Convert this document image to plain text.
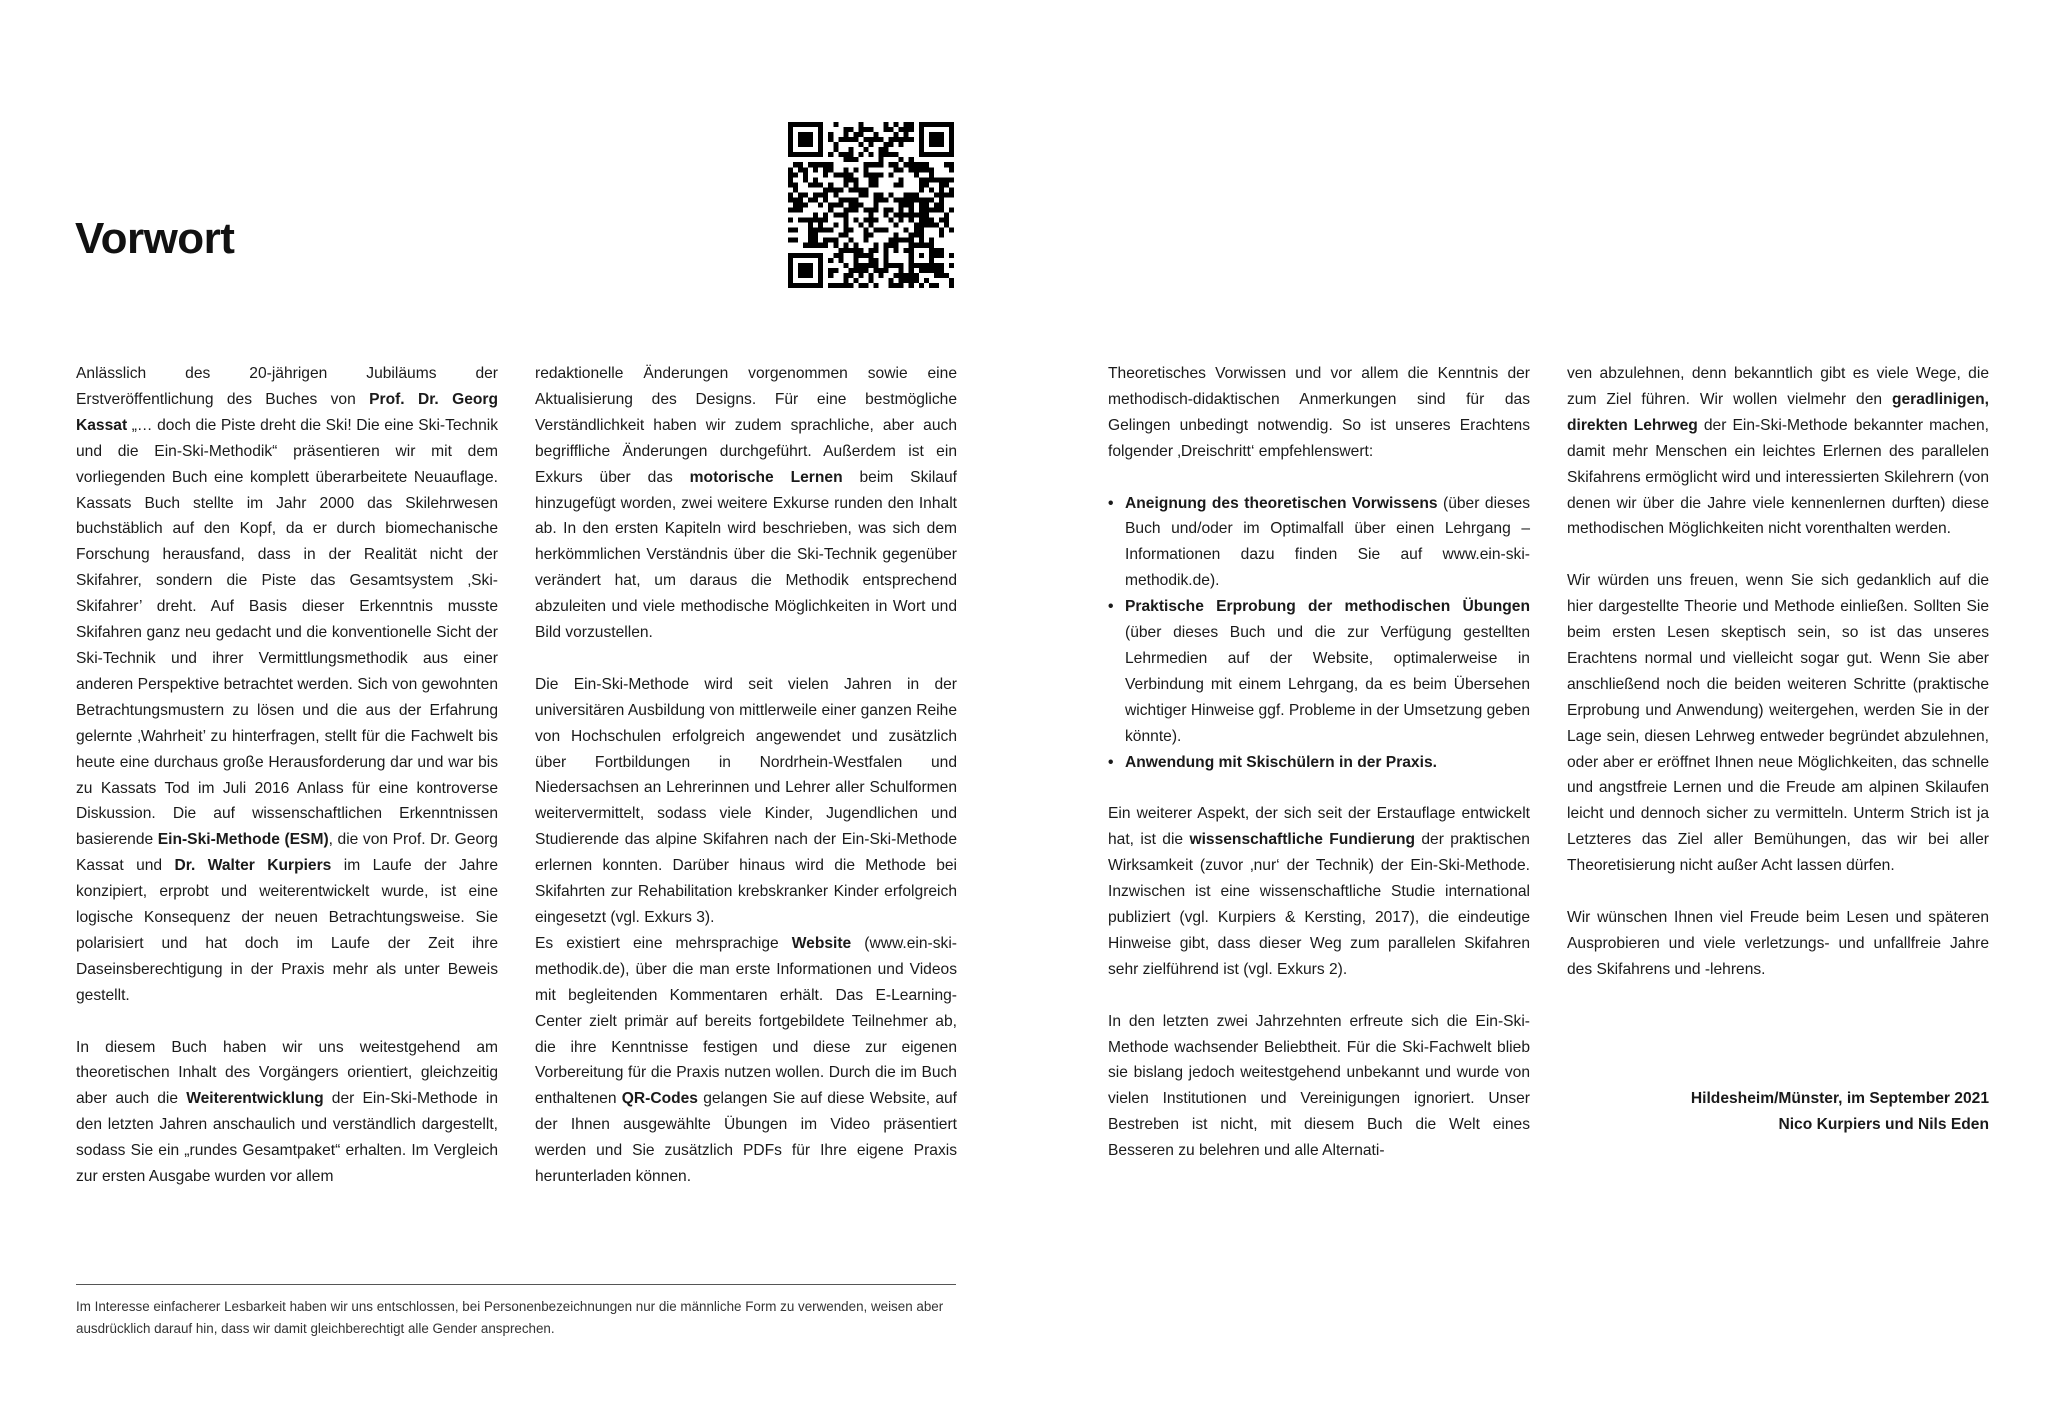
Vorwort

Anlässlich des 20-jährigen Jubiläums der Erstveröffentlichung des Buches von Prof. Dr. Georg Kassat „… doch die Piste dreht die Ski! Die eine Ski-Technik und die Ein-Ski-Methodik“ präsentieren wir mit dem vorliegenden Buch eine komplett überarbeitete Neuauflage. Kassats Buch stellte im Jahr 2000 das Skilehrwesen buchstäblich auf den Kopf, da er durch biomechanische Forschung herausfand, dass in der Realität nicht der Skifahrer, sondern die Piste das Gesamtsystem ‚Ski-Skifahrer’ dreht. Auf Basis dieser Erkenntnis musste Skifahren ganz neu gedacht und die konventionelle Sicht der Ski-Technik und ihrer Vermittlungsmethodik aus einer anderen Perspektive betrachtet werden. Sich von gewohnten Betrachtungsmustern zu lösen und die aus der Erfahrung gelernte ‚Wahrheit’ zu hinterfragen, stellt für die Fachwelt bis heute eine durchaus große Herausforderung dar und war bis zu Kassats Tod im Juli 2016 Anlass für eine kontroverse Diskussion. Die auf wissenschaftlichen Erkenntnissen basierende Ein-Ski-Methode (ESM), die von Prof. Dr. Georg Kassat und Dr. Walter Kurpiers im Laufe der Jahre konzipiert, erprobt und weiterentwickelt wurde, ist eine logische Konsequenz der neuen Betrachtungsweise. Sie polarisiert und hat doch im Laufe der Zeit ihre Daseinsberechtigung in der Praxis mehr als unter Beweis gestellt.

In diesem Buch haben wir uns weitestgehend am theoretischen Inhalt des Vorgängers orientiert, gleichzeitig aber auch die Weiterentwicklung der Ein-Ski-Methode in den letzten Jahren anschaulich und verständlich dargestellt, sodass Sie ein „rundes Gesamtpaket“ erhalten. Im Vergleich zur ersten Ausgabe wurden vor allem

redaktionelle Änderungen vorgenommen sowie eine Aktualisierung des Designs. Für eine bestmögliche Verständlichkeit haben wir zudem sprachliche, aber auch begriffliche Änderungen durchgeführt. Außerdem ist ein Exkurs über das motorische Lernen beim Skilauf hinzugefügt worden, zwei weitere Exkurse runden den Inhalt ab. In den ersten Kapiteln wird beschrieben, was sich dem herkömmlichen Verständnis über die Ski-Technik gegenüber verändert hat, um daraus die Methodik entsprechend abzuleiten und viele methodische Möglichkeiten in Wort und Bild vorzustellen.

Die Ein-Ski-Methode wird seit vielen Jahren in der universitären Ausbildung von mittlerweile einer ganzen Reihe von Hochschulen erfolgreich angewendet und zusätzlich über Fortbildungen in Nordrhein-Westfalen und Niedersachsen an Lehrerinnen und Lehrer aller Schulformen weitervermittelt, sodass viele Kinder, Jugendlichen und Studierende das alpine Skifahren nach der Ein-Ski-Methode erlernen konnten. Darüber hinaus wird die Methode bei Skifahrten zur Rehabilitation krebskranker Kinder erfolgreich eingesetzt (vgl. Exkurs 3).

Es existiert eine mehrsprachige Website (www.ein-ski-methodik.de), über die man erste Informationen und Videos mit begleitenden Kommentaren erhält. Das E-Learning-Center zielt primär auf bereits fortgebildete Teilnehmer ab, die ihre Kenntnisse festigen und diese zur eigenen Vorbereitung für die Praxis nutzen wollen. Durch die im Buch enthaltenen QR-Codes gelangen Sie auf diese Website, auf der Ihnen ausgewählte Übungen im Video präsentiert werden und Sie zusätzlich PDFs für Ihre eigene Praxis herunterladen können.

Theoretisches Vorwissen und vor allem die Kenntnis der methodisch-didaktischen Anmerkungen sind für das Gelingen unbedingt notwendig. So ist unseres Erachtens folgender ‚Dreischritt‘ empfehlenswert:

• Aneignung des theoretischen Vorwissens (über dieses Buch und/oder im Optimalfall über einen Lehrgang – Informationen dazu finden Sie auf www.ein-ski-methodik.de).
• Praktische Erprobung der methodischen Übungen (über dieses Buch und die zur Verfügung gestellten Lehrmedien auf der Website, optimalerweise in Verbindung mit einem Lehrgang, da es beim Übersehen wichtiger Hinweise ggf. Probleme in der Umsetzung geben könnte).
• Anwendung mit Skischülern in der Praxis.

Ein weiterer Aspekt, der sich seit der Erstauflage entwickelt hat, ist die wissenschaftliche Fundierung der praktischen Wirksamkeit (zuvor ‚nur‘ der Technik) der Ein-Ski-Methode. Inzwischen ist eine wissenschaftliche Studie international publiziert (vgl. Kurpiers & Kersting, 2017), die eindeutige Hinweise gibt, dass dieser Weg zum parallelen Skifahren sehr zielführend ist (vgl. Exkurs 2).

In den letzten zwei Jahrzehnten erfreute sich die Ein-Ski-Methode wachsender Beliebtheit. Für die Ski-Fachwelt blieb sie bislang jedoch weitestgehend unbekannt und wurde von vielen Institutionen und Vereinigungen ignoriert. Unser Bestreben ist nicht, mit diesem Buch die Welt eines Besseren zu belehren und alle Alternati-

ven abzulehnen, denn bekanntlich gibt es viele Wege, die zum Ziel führen. Wir wollen vielmehr den geradlinigen, direkten Lehrweg der Ein-Ski-Methode bekannter machen, damit mehr Menschen ein leichtes Erlernen des parallelen Skifahrens ermöglicht wird und interessierten Skilehrern (von denen wir über die Jahre viele kennenlernen durften) diese methodischen Möglichkeiten nicht vorenthalten werden.

Wir würden uns freuen, wenn Sie sich gedanklich auf die hier dargestellte Theorie und Methode einließen. Sollten Sie beim ersten Lesen skeptisch sein, so ist das unseres Erachtens normal und vielleicht sogar gut. Wenn Sie aber anschließend noch die beiden weiteren Schritte (praktische Erprobung und Anwendung) weitergehen, werden Sie in der Lage sein, diesen Lehrweg entweder begründet abzulehnen, oder aber er eröffnet Ihnen neue Möglichkeiten, das schnelle und angstfreie Lernen und die Freude am alpinen Skilaufen leicht und dennoch sicher zu vermitteln. Unterm Strich ist ja Letzteres das Ziel aller Bemühungen, das wir bei aller Theoretisierung nicht außer Acht lassen dürfen.

Wir wünschen Ihnen viel Freude beim Lesen und späteren Ausprobieren und viele verletzungs- und unfallfreie Jahre des Skifahrens und -lehrens.

Hildesheim/Münster, im September 2021
Nico Kurpiers und Nils Eden
Im Interesse einfacherer Lesbarkeit haben wir uns entschlossen, bei Personenbezeichnungen nur die männliche Form zu verwenden, weisen aber ausdrücklich darauf hin, dass wir damit gleichberechtigt alle Gender ansprechen.
